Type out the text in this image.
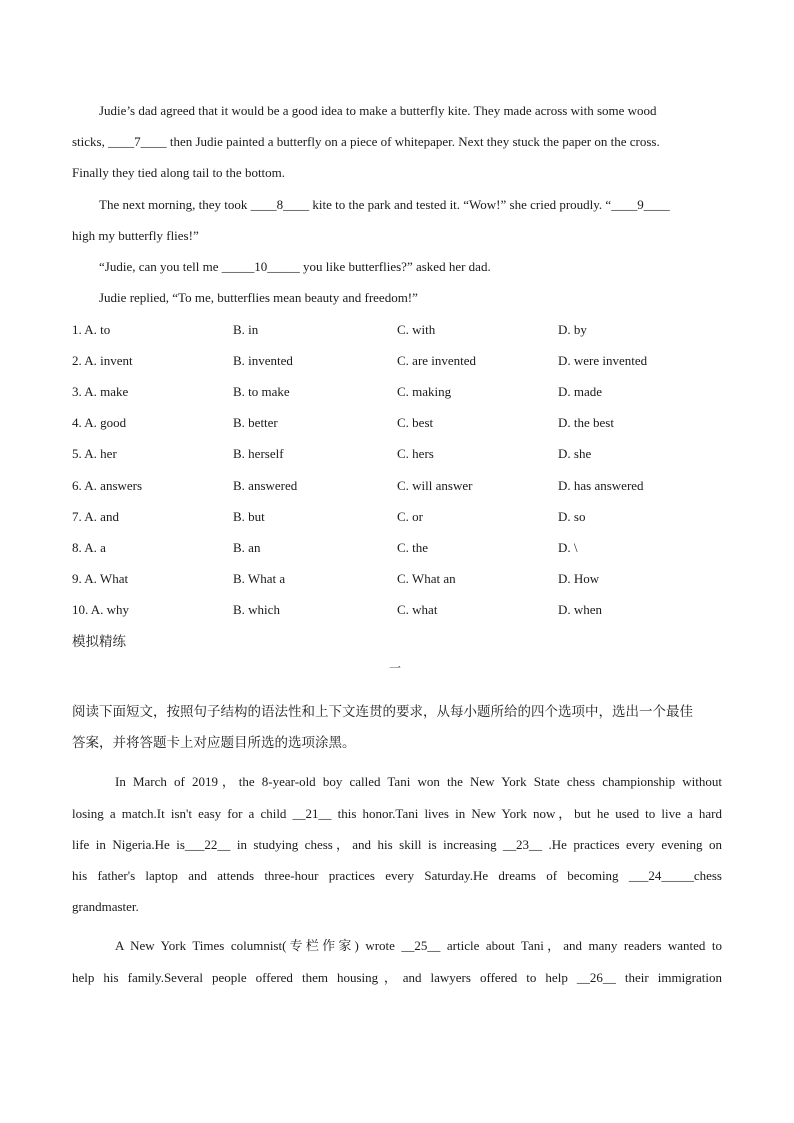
Judie’s dad agreed that it would be a good idea to make a butterfly kite. They made across with some wood
sticks, ____7____ then Judie painted a butterfly on a piece of whitepaper. Next they stuck the paper on the cross.
Finally they tied along tail to the bottom.
The next morning, they took ____8____ kite to the park and tested it. “Wow!” she cried proudly. “____9____
high my butterfly flies!”
“Judie, can you tell me _____10_____ you like butterflies?” asked her dad.
Judie replied, “To me, butterflies mean beauty and freedom!”
1. A. to	B. in	C. with	D. by
2. A. invent	B. invented	C. are invented	D. were invented
3. A. make	B. to make	C. making	D. made
4. A. good	B. better	C. best	D. the best
5. A. her	B. herself	C. hers	D. she
6. A. answers	B. answered	C. will answer	D. has answered
7. A. and	B. but	C. or	D. so
8. A. a	B. an	C. the	D. \
9. A. What	B. What a	C. What an	D. How
10. A. why	B. which	C. what	D. when
模拟精练
一
阅读下面短文，按照句子结构的语法性和上下文连贯的要求，从每小题所给的四个选项中，选出一个最佳
答案，并将答题卡上对应题目所选的选项涂黑。
In March of 2019，the 8-year-old boy called Tani won the New York State chess championship without
losing a match.It isn't easy for a child __21__ this honor.Tani lives in New York now，but he used to live a hard
life in Nigeria.He is___22__ in studying chess，and his skill is increasing __23__ .He practices every evening on
his father's laptop and attends three-hour practices every Saturday.He dreams of becoming ___24_____chess
grandmaster.
A New York Times columnist(专栏作家) wrote __25__ article about Tani，and many readers wanted to
help his family.Several people offered them housing，and lawyers offered to help __26__ their immigration
